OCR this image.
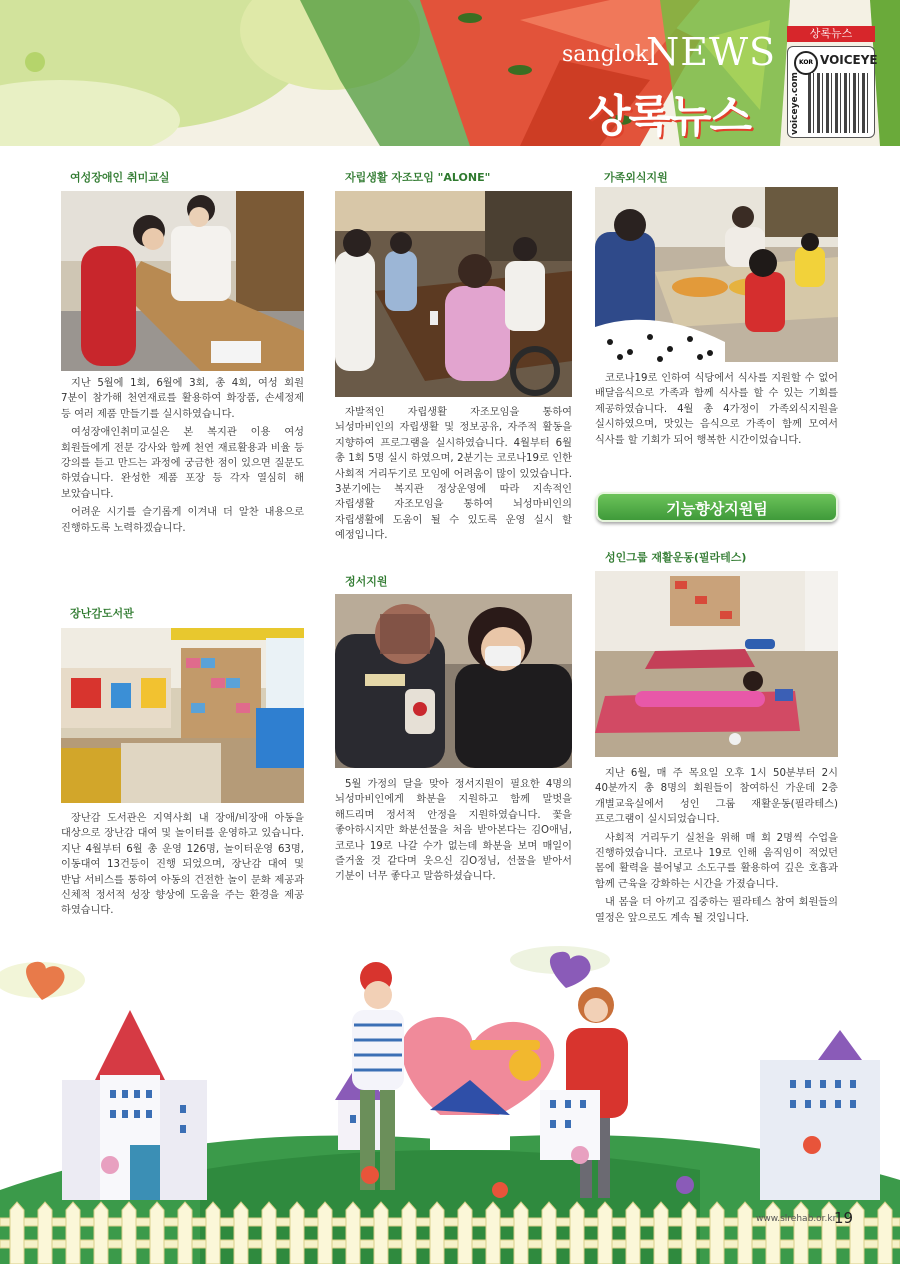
sanglok
NEWS
상록뉴스
상록뉴스
KOR VOICEYE
voiceye.com
여성장애인 취미교실

지난 5월에 1회, 6월에 3회, 총 4회, 여성 회원 7분이 참가해 천연재료를 활용하여 화장품, 손세정제 등 여러 제품 만들기를 실시하였습니다.

여성장애인취미교실은 본 복지관 이용 여성 회원들에게 전문 강사와 함께 천연 재료활용과 비율 등 강의를 듣고 만드는 과정에 궁금한 점이 있으면 질문도 하였습니다. 완성한 제품 포장 등 각자 열심히 해 보았습니다.

어려운 시기를 슬기롭게 이겨내 더 알찬 내용으로 진행하도록 노력하겠습니다.

자립생활 자조모임 "ALONE"

자발적인 자립생활 자조모임을 통하여 뇌성마비인의 자립생활 및 정보공유, 자주적 활동을 지향하여 프로그램을 실시하였습니다. 4월부터 6월 총 1회 5명 실시 하였으며, 2분기는 코로나19로 인한 사회적 거리두기로 모임에 어려움이 많이 있었습니다. 3분기에는 복지관 정상운영에 따라 지속적인 자립생활 자조모임을 통하여 뇌성마비인의 자립생활에 도움이 될 수 있도록 운영 실시 할 예정입니다.

가족외식지원

코로나19로 인하여 식당에서 식사를 지원할 수 없어 배달음식으로 가족과 함께 식사를 할 수 있는 기회를 제공하였습니다. 4월 총 4가정이 가족외식지원을 실시하였으며, 맛있는 음식으로 가족이 함께 모여서 식사를 할 기회가 되어 행복한 시간이었습니다.

기능향상지원팀
장난감도서관

장난감 도서관은 지역사회 내 장애/비장애 아동을 대상으로 장난감 대여 및 놀이터를 운영하고 있습니다. 지난 4월부터 6월 총 운영 126명, 놀이터운영 63명, 이동대여 13건등이 진행 되었으며, 장난감 대여 및 반납 서비스를 통하여 아동의 건전한 놀이 문화 제공과 신체적 정서적 성장 향상에 도움을 주는 환경을 제공 하였습니다.

정서지원

5월 가정의 달을 맞아 정서지원이 필요한 4명의 뇌성마비인에게 화분을 지원하고 함께 말벗을 해드리며 정서적 안정을 지원하였습니다. 꽃을 좋아하시지만 화분선물을 처음 받아본다는 김O애님, 코로나 19로 나갈 수가 없는데 화분을 보며 매일이 즐거울 것 같다며 웃으신 김O정님, 선물을 받아서 기분이 너무 좋다고 말씀하셨습니다.

성인그룹 재활운동(필라테스)

지난 6월, 매 주 목요일 오후 1시 50분부터 2시 40분까지 총 8명의 회원들이 참여하신 가운데 2층 개별교육실에서 성인 그룹 재활운동(필라테스) 프로그램이 실시되었습니다.

사회적 거리두기 실천을 위해 매 회 2명씩 수업을 진행하였습니다. 코로나 19로 인해 움직임이 적었던 몸에 활력을 불어넣고 소도구를 활용하여 깊은 호흡과 함께 근육을 강화하는 시간을 가졌습니다.

내 몸을 더 아끼고 집중하는 필라테스 참여 회원들의 열정은 앞으로도 계속 될 것입니다.

www.slrehab.or.kr
19
